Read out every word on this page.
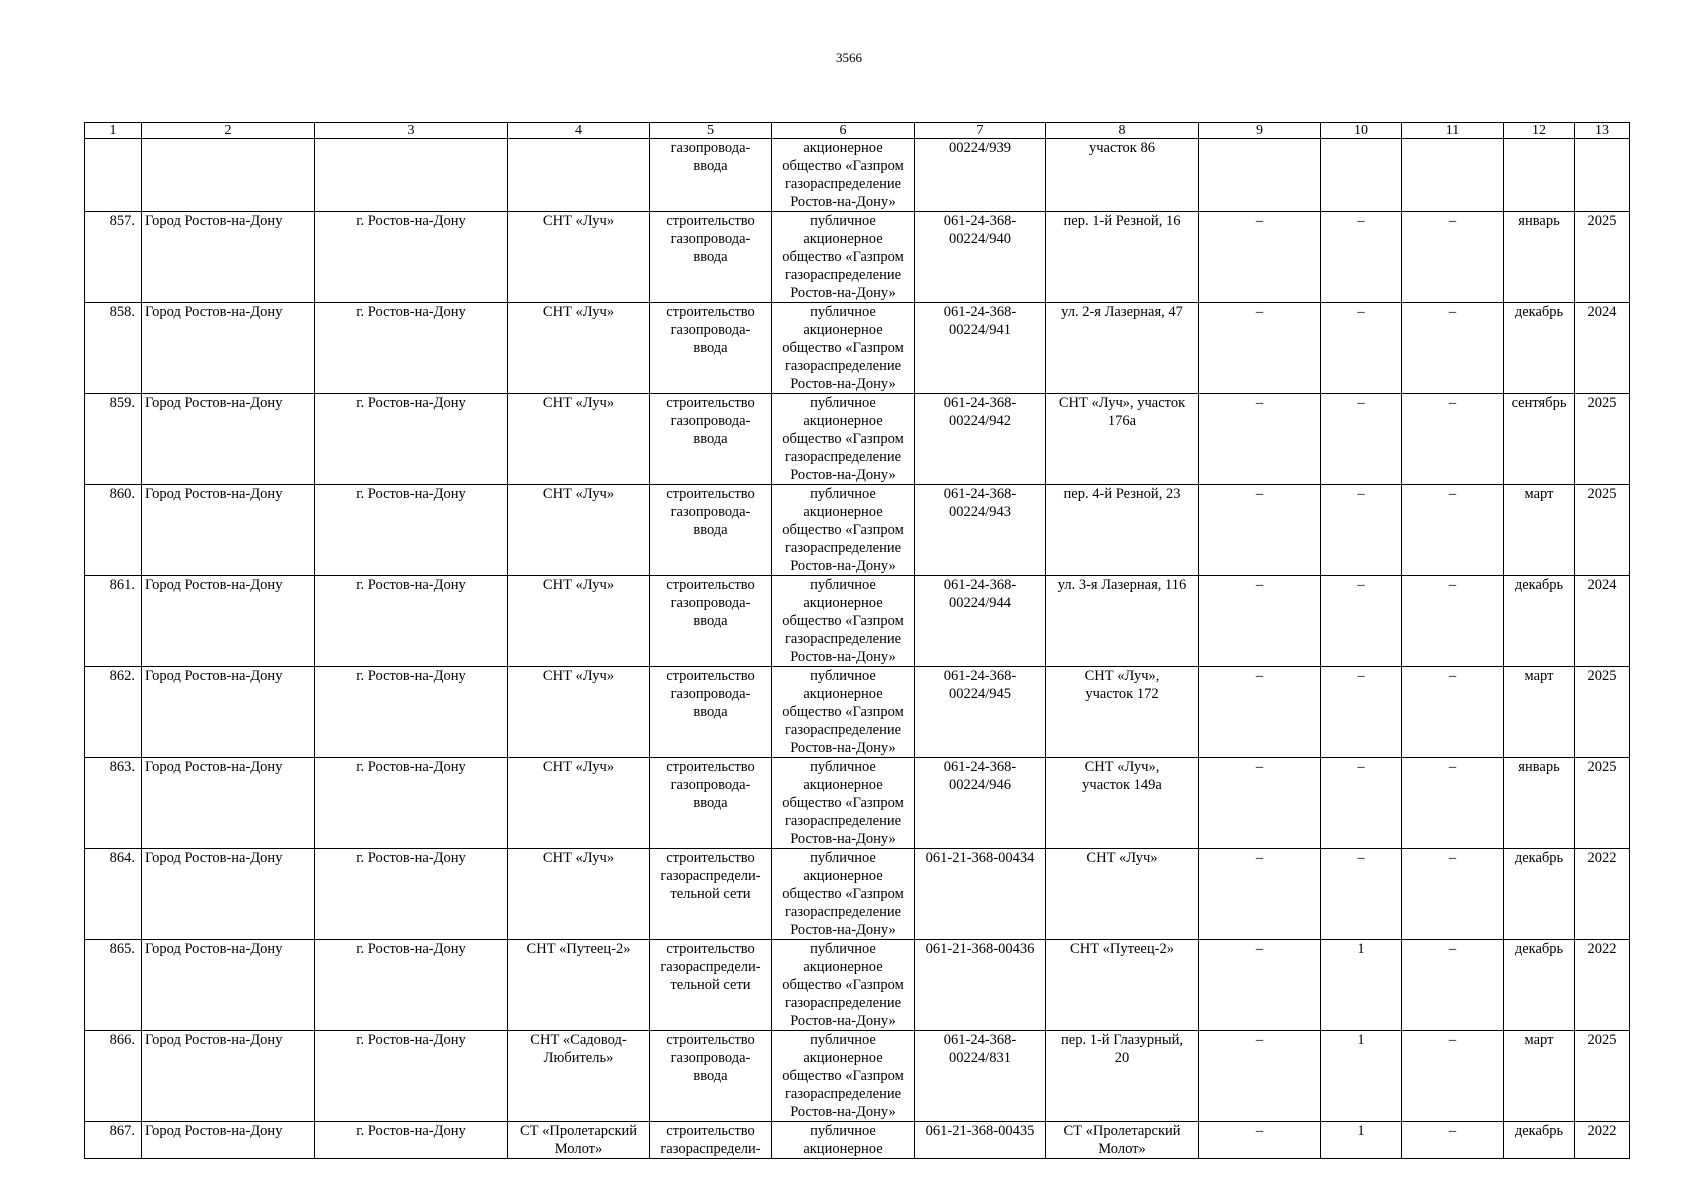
3566
1	2	3	4	5	6	7	8	9	10	11	12	13
				газопровода-
ввода	акционерное
общество «Газпром
газораспределение
Ростов-на-Дону»	00224/939	участок 86					
857.	Город Ростов-на-Дону	г. Ростов-на-Дону	СНТ «Луч»	строительство
газопровода-
ввода	публичное
акционерное
общество «Газпром
газораспределение
Ростов-на-Дону»	061-24-368-
00224/940	пер. 1-й Резной, 16	–	–	–	январь	2025
858.	Город Ростов-на-Дону	г. Ростов-на-Дону	СНТ «Луч»	строительство
газопровода-
ввода	публичное
акционерное
общество «Газпром
газораспределение
Ростов-на-Дону»	061-24-368-
00224/941	ул. 2-я Лазерная, 47	–	–	–	декабрь	2024
859.	Город Ростов-на-Дону	г. Ростов-на-Дону	СНТ «Луч»	строительство
газопровода-
ввода	публичное
акционерное
общество «Газпром
газораспределение
Ростов-на-Дону»	061-24-368-
00224/942	СНТ «Луч», участок
176а	–	–	–	сентябрь	2025
860.	Город Ростов-на-Дону	г. Ростов-на-Дону	СНТ «Луч»	строительство
газопровода-
ввода	публичное
акционерное
общество «Газпром
газораспределение
Ростов-на-Дону»	061-24-368-
00224/943	пер. 4-й Резной, 23	–	–	–	март	2025
861.	Город Ростов-на-Дону	г. Ростов-на-Дону	СНТ «Луч»	строительство
газопровода-
ввода	публичное
акционерное
общество «Газпром
газораспределение
Ростов-на-Дону»	061-24-368-
00224/944	ул. 3-я Лазерная, 116	–	–	–	декабрь	2024
862.	Город Ростов-на-Дону	г. Ростов-на-Дону	СНТ «Луч»	строительство
газопровода-
ввода	публичное
акционерное
общество «Газпром
газораспределение
Ростов-на-Дону»	061-24-368-
00224/945	СНТ «Луч»,
участок 172	–	–	–	март	2025
863.	Город Ростов-на-Дону	г. Ростов-на-Дону	СНТ «Луч»	строительство
газопровода-
ввода	публичное
акционерное
общество «Газпром
газораспределение
Ростов-на-Дону»	061-24-368-
00224/946	СНТ «Луч»,
участок 149а	–	–	–	январь	2025
864.	Город Ростов-на-Дону	г. Ростов-на-Дону	СНТ «Луч»	строительство
газораспредели-
тельной сети	публичное
акционерное
общество «Газпром
газораспределение
Ростов-на-Дону»	061-21-368-00434	СНТ «Луч»	–	–	–	декабрь	2022
865.	Город Ростов-на-Дону	г. Ростов-на-Дону	СНТ «Путеец-2»	строительство
газораспредели-
тельной сети	публичное
акционерное
общество «Газпром
газораспределение
Ростов-на-Дону»	061-21-368-00436	СНТ «Путеец-2»	–	1	–	декабрь	2022
866.	Город Ростов-на-Дону	г. Ростов-на-Дону	СНТ «Садовод-
Любитель»	строительство
газопровода-
ввода	публичное
акционерное
общество «Газпром
газораспределение
Ростов-на-Дону»	061-24-368-
00224/831	пер. 1-й Глазурный,
20	–	1	–	март	2025
867.	Город Ростов-на-Дону	г. Ростов-на-Дону	СТ «Пролетарский
Молот»	строительство
газораспредели-	публичное
акционерное	061-21-368-00435	СТ «Пролетарский
Молот»	–	1	–	декабрь	2022
